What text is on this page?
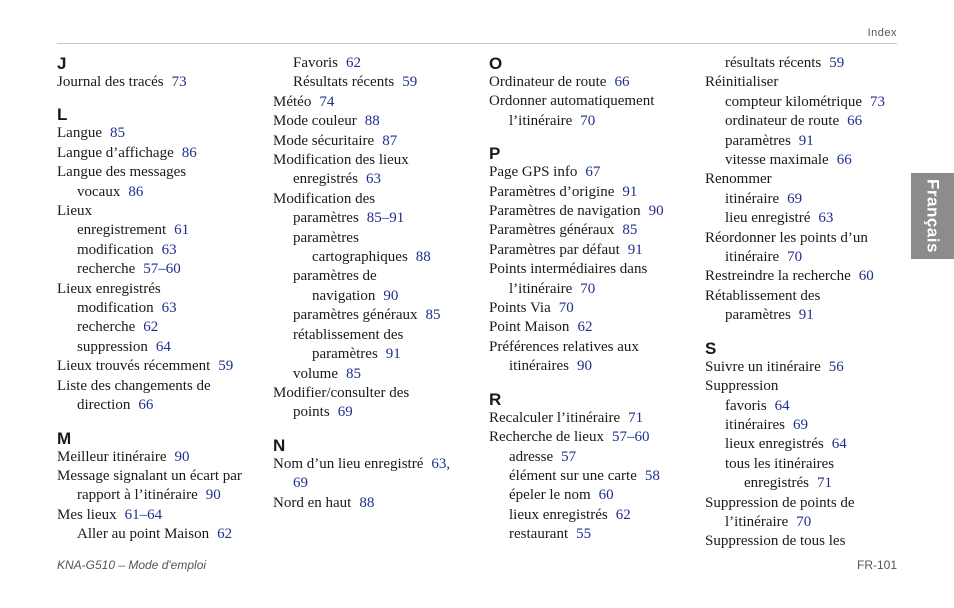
Index
J
Journal des tracés 73
L
Langue 85
Langue d’affichage 86
Langue des messages
vocaux 86
Lieux
enregistrement 61
modification 63
recherche 57–60
Lieux enregistrés
modification 63
recherche 62
suppression 64
Lieux trouvés récemment 59
Liste des changements de
direction 66
M
Meilleur itinéraire 90
Message signalant un écart par
rapport à l’itinéraire 90
Mes lieux 61–64
Aller au point Maison 62
Favoris 62
Résultats récents 59
Météo 74
Mode couleur 88
Mode sécuritaire 87
Modification des lieux
enregistrés 63
Modification des
paramètres 85–91
paramètres
cartographiques 88
paramètres de
navigation 90
paramètres généraux 85
rétablissement des
paramètres 91
volume 85
Modifier/consulter des
points 69
N
Nom d’un lieu enregistré 63,
69
Nord en haut 88
O
Ordinateur de route 66
Ordonner automatiquement
l’itinéraire 70
P
Page GPS info 67
Paramètres d’origine 91
Paramètres de navigation 90
Paramètres généraux 85
Paramètres par défaut 91
Points intermédiaires dans
l’itinéraire 70
Points Via 70
Point Maison 62
Préférences relatives aux
itinéraires 90
R
Recalculer l’itinéraire 71
Recherche de lieux 57–60
adresse 57
élément sur une carte 58
épeler le nom 60
lieux enregistrés 62
restaurant 55
résultats récents 59
Réinitialiser
compteur kilométrique 73
ordinateur de route 66
paramètres 91
vitesse maximale 66
Renommer
itinéraire 69
lieu enregistré 63
Réordonner les points d’un
itinéraire 70
Restreindre la recherche 60
Rétablissement des
paramètres 91
S
Suivre un itinéraire 56
Suppression
favoris 64
itinéraires 69
lieux enregistrés 64
tous les itinéraires
enregistrés 71
Suppression de points de
l’itinéraire 70
Suppression de tous les
Français
KNA-G510 – Mode d'emploi	FR-101
